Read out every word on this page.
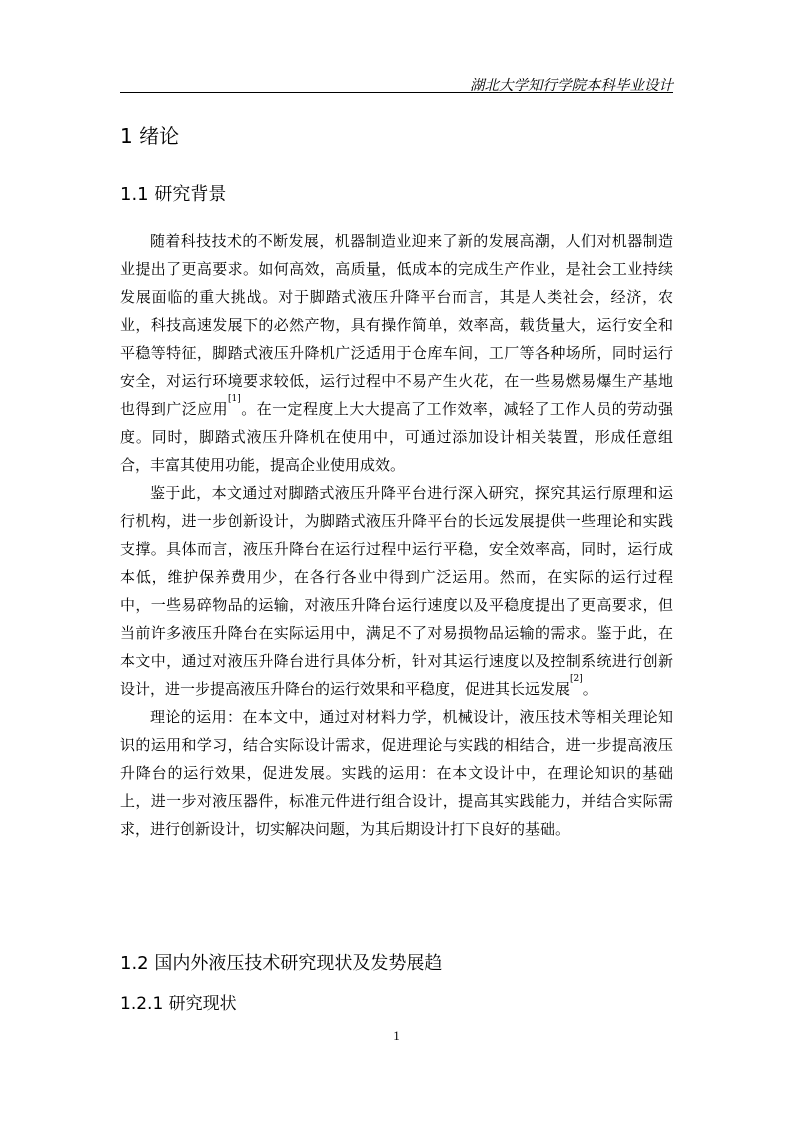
湖北大学知行学院本科毕业设计
1 绪论
1.1 研究背景

随着科技技术的不断发展，机器制造业迎来了新的发展高潮，人们对机器制造业提出了更高要求。如何高效，高质量，低成本的完成生产作业，是社会工业持续发展面临的重大挑战。对于脚踏式液压升降平台而言，其是人类社会，经济，农业，科技高速发展下的必然产物，具有操作简单，效率高，载货量大，运行安全和平稳等特征，脚踏式液压升降机广泛适用于仓库车间，工厂等各种场所，同时运行安全，对运行环境要求较低，运行过程中不易产生火花，在一些易燃易爆生产基地也得到广泛应用[1]。在一定程度上大大提高了工作效率，减轻了工作人员的劳动强度。同时，脚踏式液压升降机在使用中，可通过添加设计相关装置，形成任意组合，丰富其使用功能，提高企业使用成效。

鉴于此，本文通过对脚踏式液压升降平台进行深入研究，探究其运行原理和运行机构，进一步创新设计，为脚踏式液压升降平台的长远发展提供一些理论和实践支撑。具体而言，液压升降台在运行过程中运行平稳，安全效率高，同时，运行成本低，维护保养费用少，在各行各业中得到广泛运用。然而，在实际的运行过程中，一些易碎物品的运输，对液压升降台运行速度以及平稳度提出了更高要求，但当前许多液压升降台在实际运用中，满足不了对易损物品运输的需求。鉴于此，在本文中，通过对液压升降台进行具体分析，针对其运行速度以及控制系统进行创新设计，进一步提高液压升降台的运行效果和平稳度，促进其长远发展[2]。

理论的运用：在本文中，通过对材料力学，机械设计，液压技术等相关理论知识的运用和学习，结合实际设计需求，促进理论与实践的相结合，进一步提高液压升降台的运行效果，促进发展。实践的运用：在本文设计中，在理论知识的基础上，进一步对液压器件，标准元件进行组合设计，提高其实践能力，并结合实际需求，进行创新设计，切实解决问题，为其后期设计打下良好的基础。

1.2 国内外液压技术研究现状及发势展趋
1.2.1 研究现状
1
